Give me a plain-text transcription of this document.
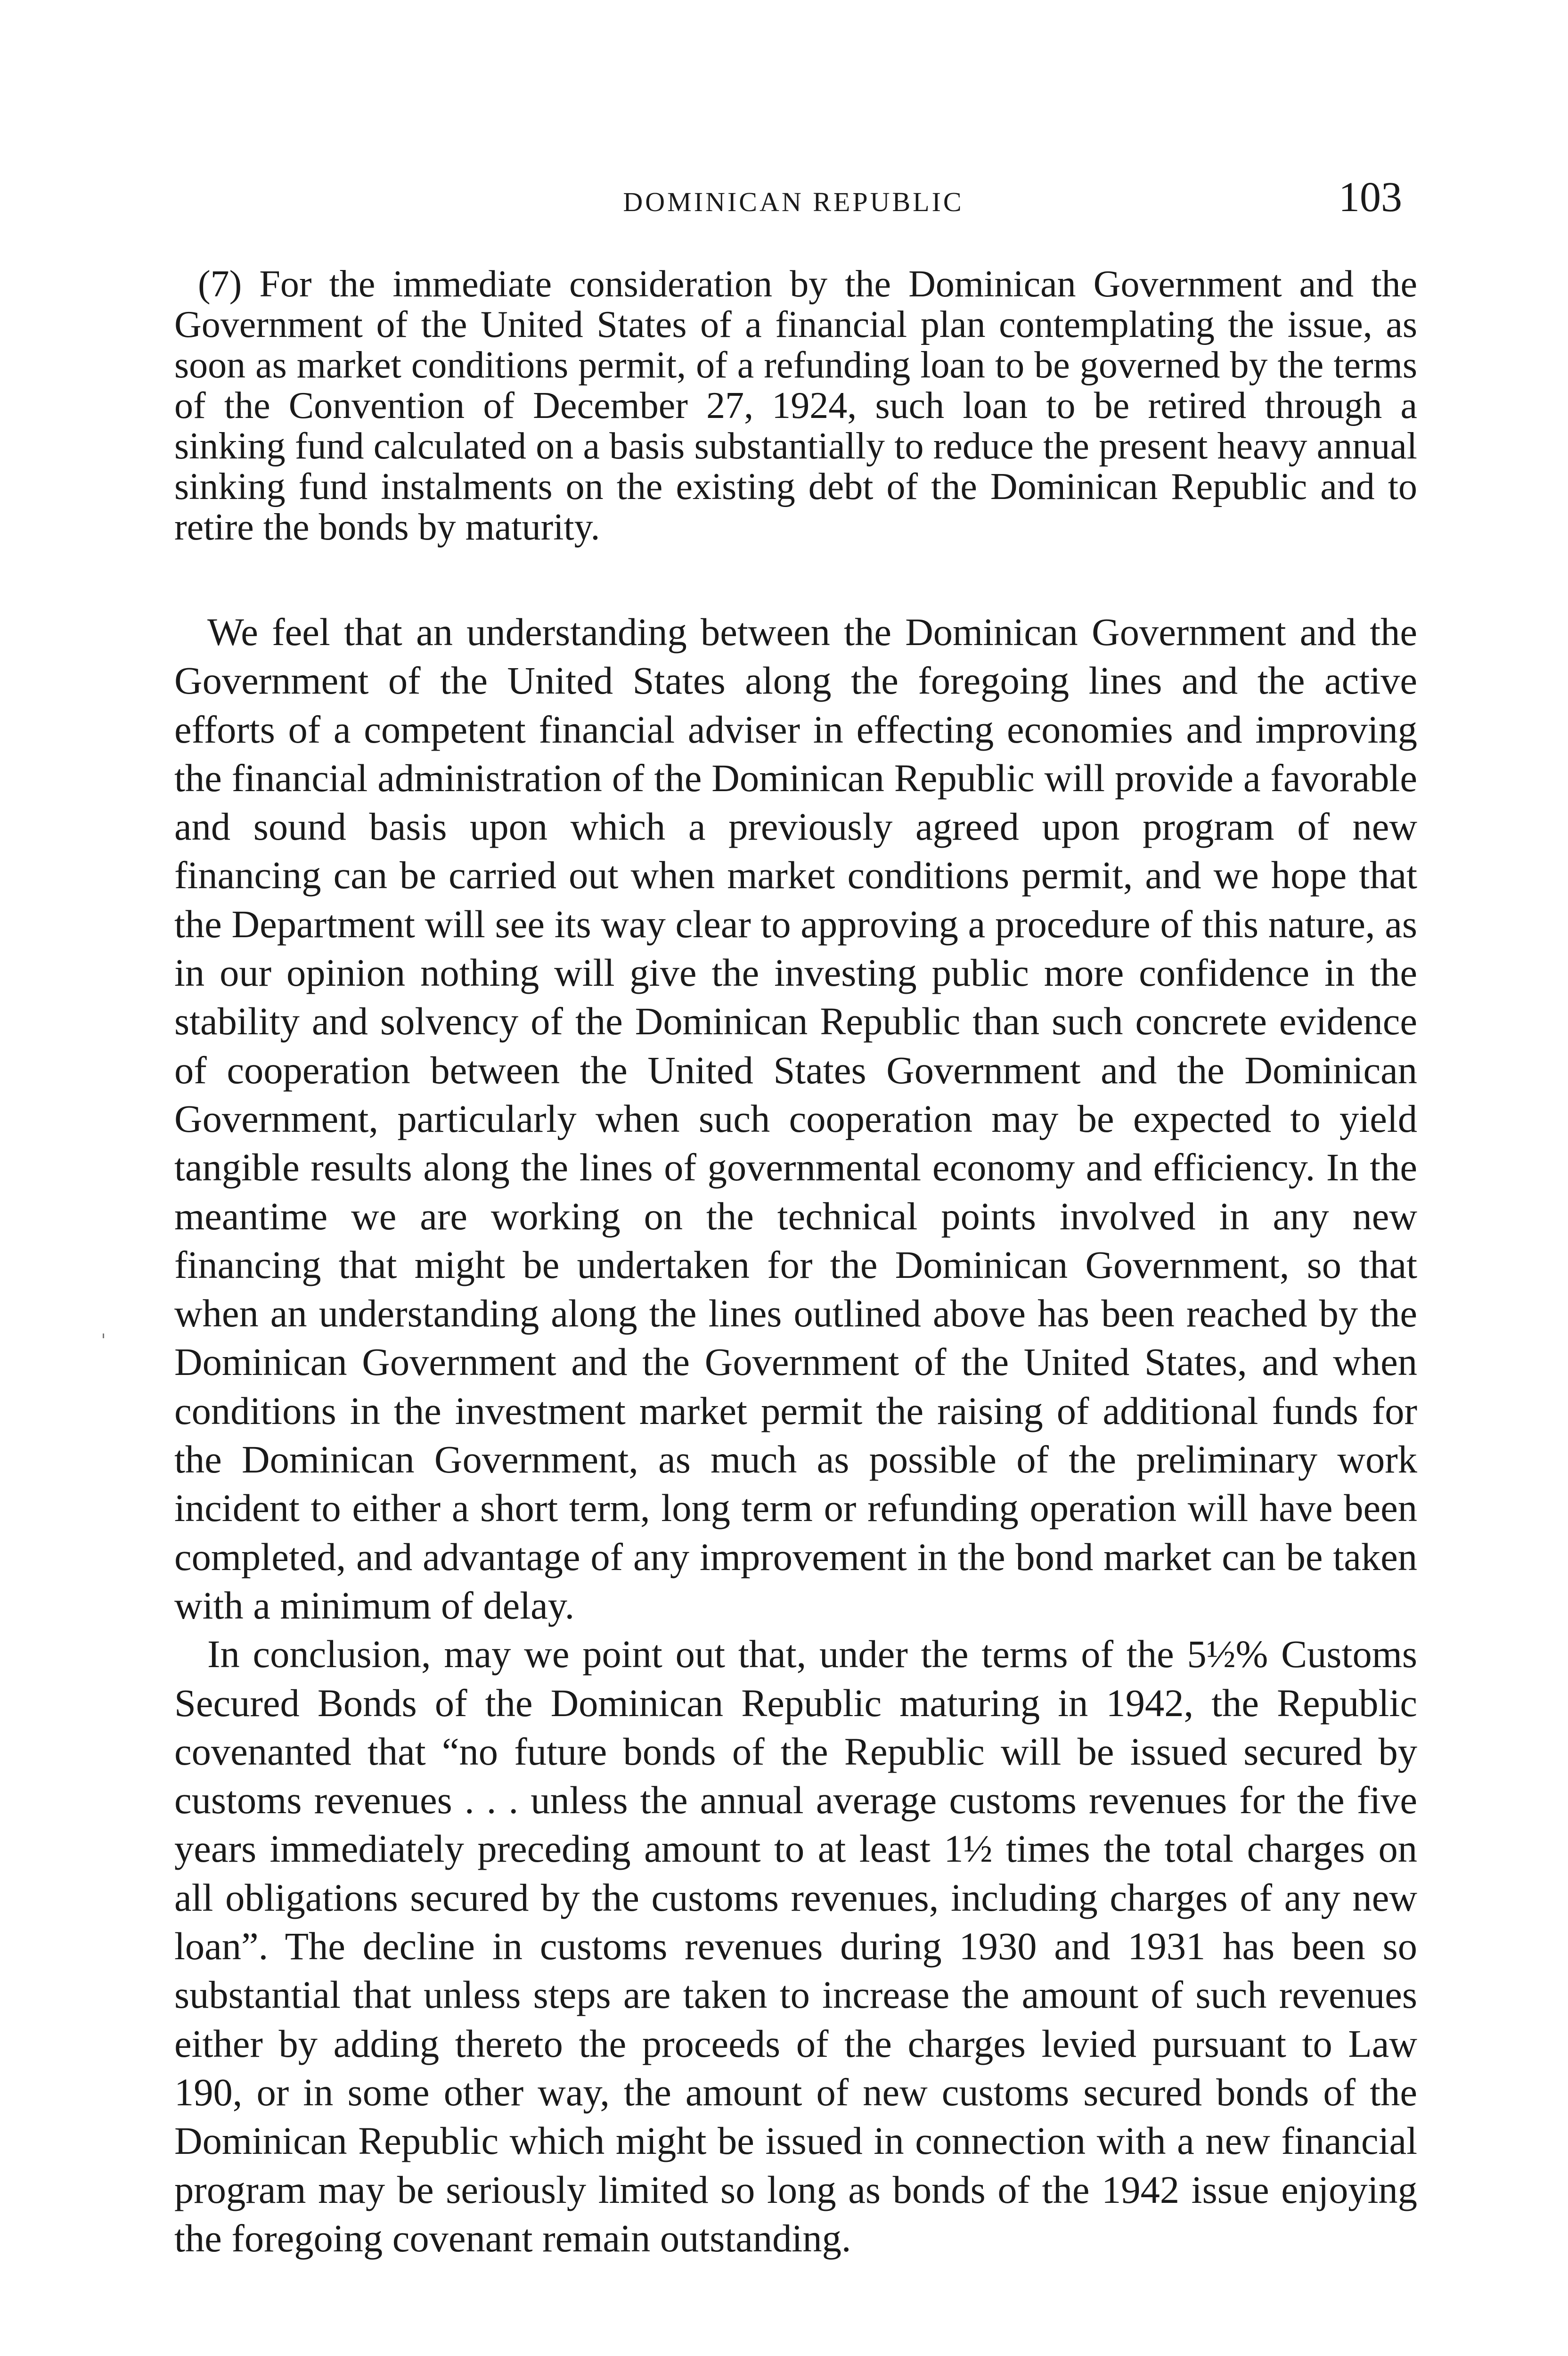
DOMINICAN REPUBLIC	103

(7) For the immediate consideration by the Dominican Government and the Government of the United States of a financial plan contemplating the issue, as soon as market conditions permit, of a refunding loan to be governed by the terms of the Convention of December 27, 1924, such loan to be retired through a sinking fund calculated on a basis substantially to reduce the present heavy annual sinking fund instalments on the existing debt of the Dominican Republic and to retire the bonds by maturity.

We feel that an understanding between the Dominican Government and the Government of the United States along the foregoing lines and the active efforts of a competent financial adviser in effecting economies and improving the financial administration of the Dominican Republic will provide a favorable and sound basis upon which a previously agreed upon program of new financing can be carried out when market conditions permit, and we hope that the Department will see its way clear to approving a procedure of this nature, as in our opinion nothing will give the investing public more confidence in the stability and solvency of the Dominican Republic than such concrete evidence of cooperation between the United States Government and the Dominican Government, particularly when such cooperation may be expected to yield tangible results along the lines of governmental economy and efficiency. In the meantime we are working on the technical points involved in any new financing that might be undertaken for the Dominican Government, so that when an understanding along the lines outlined above has been reached by the Dominican Government and the Government of the United States, and when conditions in the investment market permit the raising of additional funds for the Dominican Government, as much as possible of the preliminary work incident to either a short term, long term or refunding operation will have been completed, and advantage of any improvement in the bond market can be taken with a minimum of delay.

In conclusion, may we point out that, under the terms of the 5½% Customs Secured Bonds of the Dominican Republic maturing in 1942, the Republic covenanted that “no future bonds of the Republic will be issued secured by customs revenues . . . unless the annual average customs revenues for the five years immediately preceding amount to at least 1½ times the total charges on all obligations secured by the customs revenues, including charges of any new loan”. The decline in customs revenues during 1930 and 1931 has been so substantial that unless steps are taken to increase the amount of such revenues either by adding thereto the proceeds of the charges levied pursuant to Law 190, or in some other way, the amount of new customs secured bonds of the Dominican Republic which might be issued in connection with a new financial program may be seriously limited so long as bonds of the 1942 issue enjoying the foregoing covenant remain outstanding.
